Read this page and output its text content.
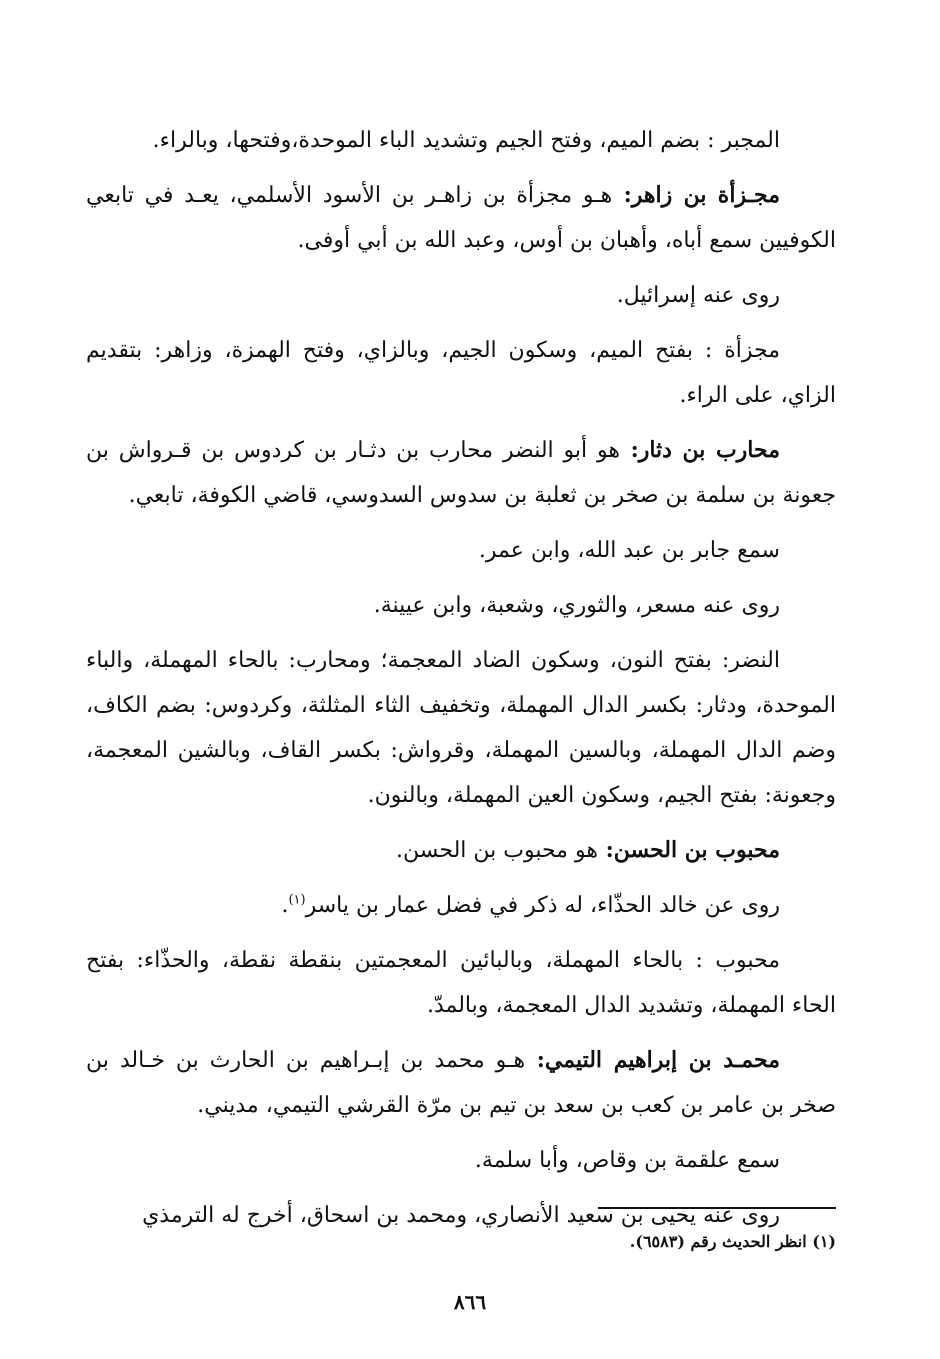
المجبر : بضم الميم، وفتح الجيم وتشديد الباء الموحدة،وفتحها، وبالراء.

مجـزأة بن زاهر: هـو مجزأة بن زاهـر بن الأسود الأسلمي، يعـد في تابعي الكوفيين سمع أباه، وأهبان بن أوس، وعبد الله بن أبي أوفى.

روى عنه إسرائيل.

مجزأة : بفتح الميم، وسكون الجيم، وبالزاي، وفتح الهمزة، وزاهر: بتقديم الزاي، على الراء.

محارب بن دثار: هو أبو النضر محارب بن دثـار بن كردوس بن قـرواش بن جعونة بن سلمة بن صخر بن ثعلبة بن سدوس السدوسي، قاضي الكوفة، تابعي.

سمع جابر بن عبد الله، وابن عمر.

روى عنه مسعر، والثوري، وشعبة، وابن عيينة.

النضر: بفتح النون، وسكون الضاد المعجمة؛ ومحارب: بالحاء المهملة، والباء الموحدة، ودثار: بكسر الدال المهملة، وتخفيف الثاء المثلثة، وكردوس: بضم الكاف، وضم الدال المهملة، وبالسين المهملة، وقرواش: بكسر القاف، وبالشين المعجمة، وجعونة: بفتح الجيم، وسكون العين المهملة، وبالنون.

محبوب بن الحسن: هو محبوب بن الحسن.

روى عن خالد الحذّاء، له ذكر في فضل عمار بن ياسر$^{(١)}$.

محبوب : بالحاء المهملة، وبالبائين المعجمتين بنقطة نقطة، والحذّاء: بفتح الحاء المهملة، وتشديد الدال المعجمة، وبالمدّ.

محمـد بن إبراهيم التيمي: هـو محمد بن إبـراهيم بن الحارث بن خـالد بن صخر بن عامر بن كعب بن سعد بن تيم بن مرّة القرشي التيمي، مديني.

سمع علقمة بن وقاص، وأبا سلمة.

روى عنه يحيى بن سعيد الأنصاري، ومحمد بن اسحاق، أخرج له الترمذي

(١) انظر الحديث رقم (٦٥٨٣).
٨٦٦
